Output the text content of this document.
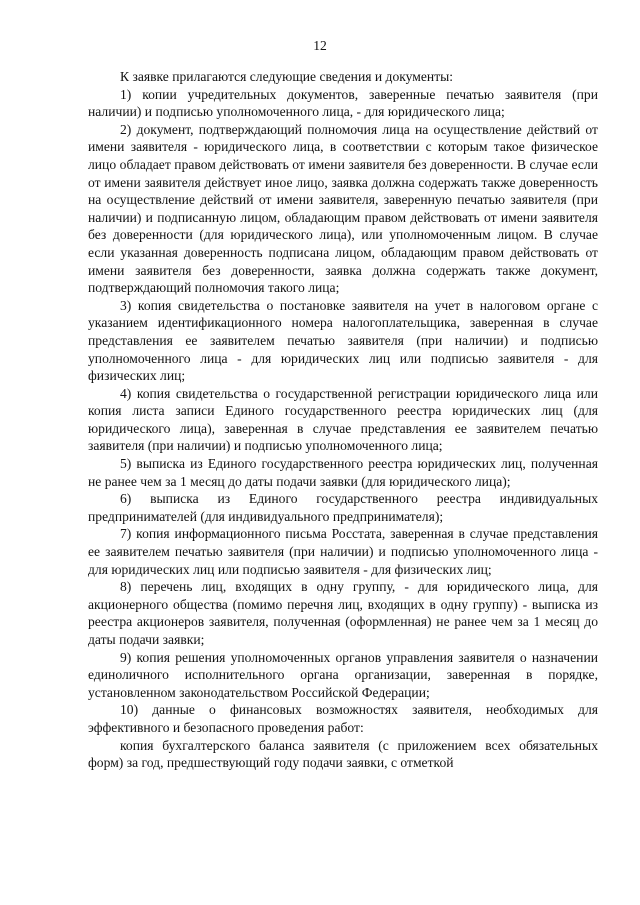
12

К заявке прилагаются следующие сведения и документы:

1) копии учредительных документов, заверенные печатью заявителя (при наличии) и подписью уполномоченного лица, - для юридического лица;

2) документ, подтверждающий полномочия лица на осуществление действий от имени заявителя - юридического лица, в соответствии с которым такое физическое лицо обладает правом действовать от имени заявителя без доверенности. В случае если от имени заявителя действует иное лицо, заявка должна содержать также доверенность на осуществление действий от имени заявителя, заверенную печатью заявителя (при наличии) и подписанную лицом, обладающим правом действовать от имени заявителя без доверенности (для юридического лица), или уполномоченным лицом. В случае если указанная доверенность подписана лицом, обладающим правом действовать от имени заявителя без доверенности, заявка должна содержать также документ, подтверждающий полномочия такого лица;

3) копия свидетельства о постановке заявителя на учет в налоговом органе с указанием идентификационного номера налогоплательщика, заверенная в случае представления ее заявителем печатью заявителя (при наличии) и подписью уполномоченного лица - для юридических лиц или подписью заявителя - для физических лиц;

4) копия свидетельства о государственной регистрации юридического лица или копия листа записи Единого государственного реестра юридических лиц (для юридического лица), заверенная в случае представления ее заявителем печатью заявителя (при наличии) и подписью уполномоченного лица;

5) выписка из Единого государственного реестра юридических лиц, полученная не ранее чем за 1 месяц до даты подачи заявки (для юридического лица);

6) выписка из Единого государственного реестра индивидуальных предпринимателей (для индивидуального предпринимателя);

7) копия информационного письма Росстата, заверенная в случае представления ее заявителем печатью заявителя (при наличии) и подписью уполномоченного лица - для юридических лиц или подписью заявителя - для физических лиц;

8) перечень лиц, входящих в одну группу, - для юридического лица, для акционерного общества (помимо перечня лиц, входящих в одну группу) - выписка из реестра акционеров заявителя, полученная (оформленная) не ранее чем за 1 месяц до даты подачи заявки;

9) копия решения уполномоченных органов управления заявителя о назначении единоличного исполнительного органа организации, заверенная в порядке, установленном законодательством Российской Федерации;

10) данные о финансовых возможностях заявителя, необходимых для эффективного и безопасного проведения работ:

копия бухгалтерского баланса заявителя (с приложением всех обязательных форм) за год, предшествующий году подачи заявки, с отметкой
